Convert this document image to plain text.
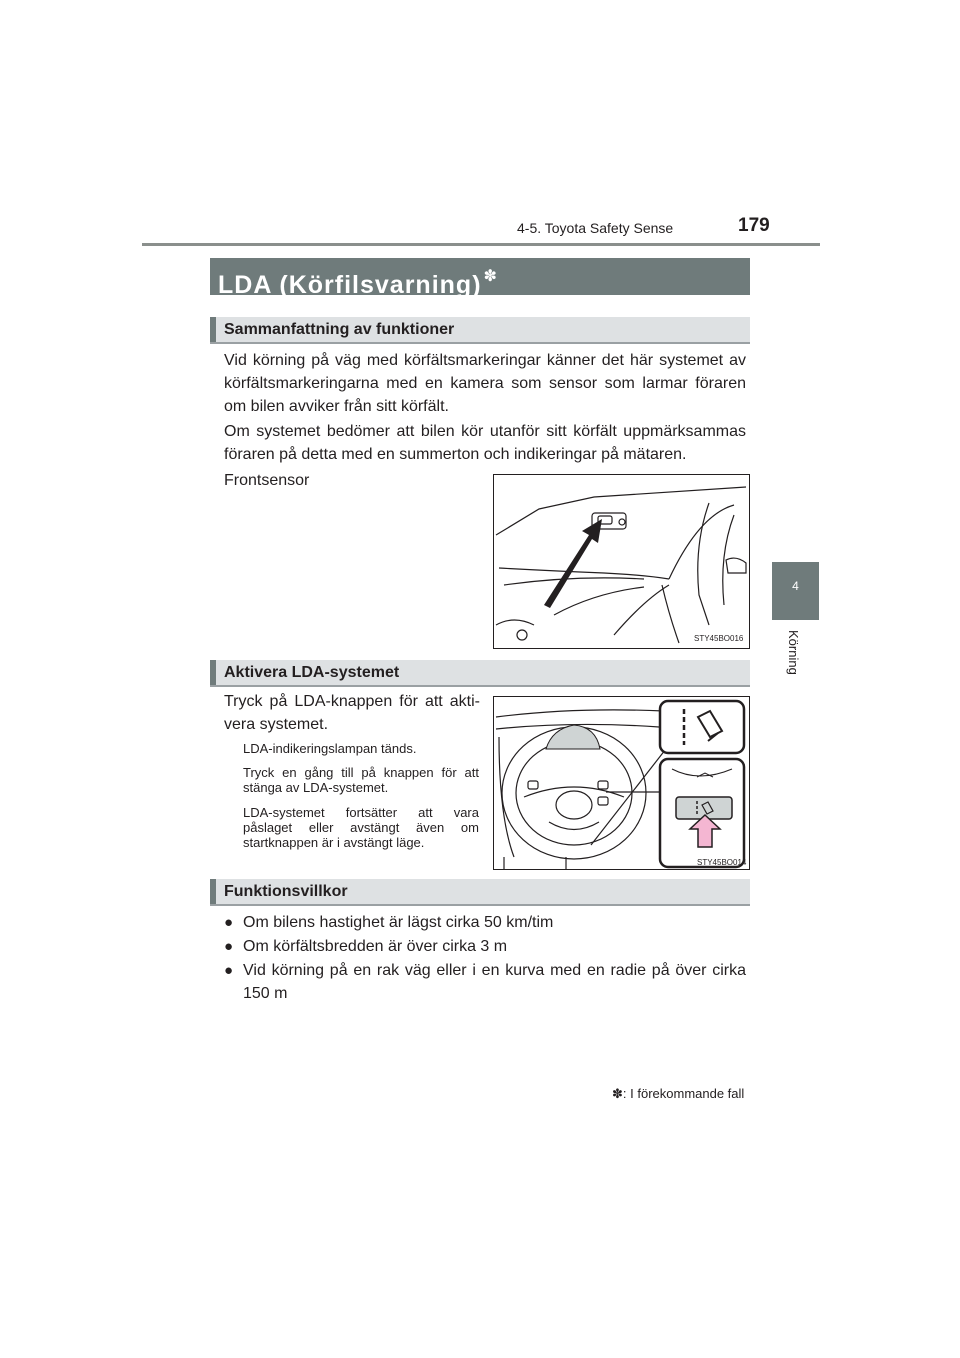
4-5. Toyota Safety Sense	179
4
Körning
LDA (Körfilsvarning) ✽
Sammanfattning av funktioner
Vid körning på väg med körfältsmarkeringar känner det här systemet av körfältsmarkeringarna med en kamera som sensor som larmar föraren om bilen avviker från sitt körfält.
Om systemet bedömer att bilen kör utanför sitt körfält uppmärksammas föraren på detta med en summerton och indikeringar på mätaren.
Frontsensor
STY45BO016
Aktivera LDA-systemet
Tryck på LDA-knappen för att akti-vera systemet.
LDA-indikeringslampan tänds.
Tryck en gång till på knappen för att stänga av LDA-systemet.
LDA-systemet fortsätter att vara påslaget eller avstängt även om startknappen är i avstängt läge.
STY45BO014
Funktionsvillkor
● Om bilens hastighet är lägst cirka 50 km/tim
● Om körfältsbredden är över cirka 3 m
● Vid körning på en rak väg eller i en kurva med en radie på över cirka 150 m
✽: I förekommande fall
